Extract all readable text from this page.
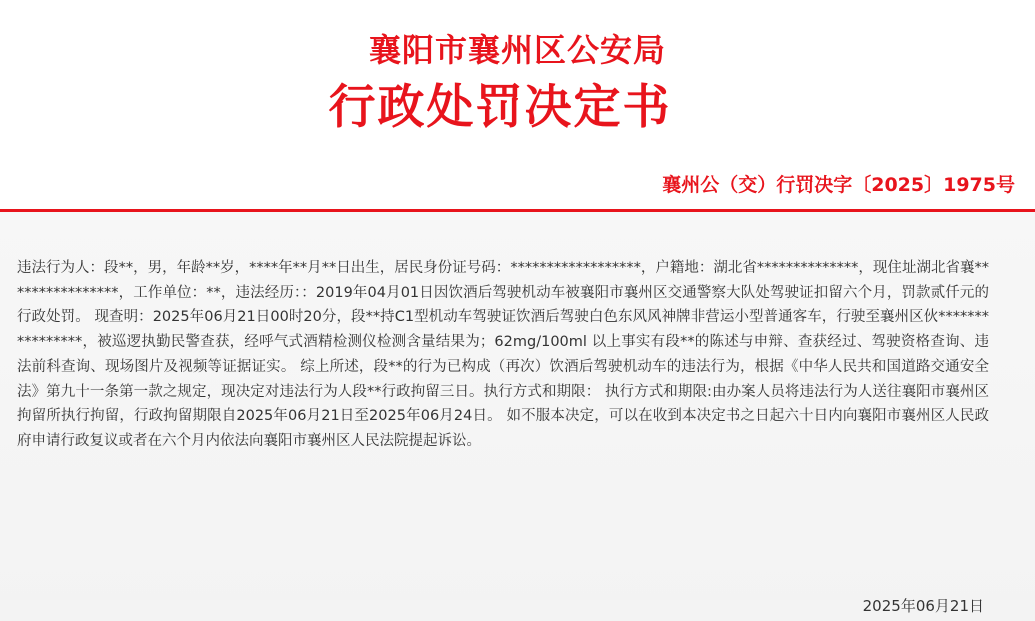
襄阳市襄州区公安局
行政处罚决定书
襄州公（交）行罚决字〔2025〕1975号
违法行为人：段**，男，年龄**岁，****年**月**日出生，居民身份证号码：******************，户籍地：湖北省**************，现住址湖北省襄****************，工作单位：**，违法经历：：2019年04月01日因饮酒后驾驶机动车被襄阳市襄州区交通警察大队处驾驶证扣留六个月，罚款贰仟元的行政处罚。 现查明：2025年06月21日00时20分，段**持C1型机动车驾驶证饮酒后驾驶白色东风风神牌非营运小型普通客车，行驶至襄州区伙****************，被巡逻执勤民警查获，经呼气式酒精检测仪检测含量结果为；62mg/100ml 以上事实有段**的陈述与申辩、查获经过、驾驶资格查询、违法前科查询、现场图片及视频等证据证实。 综上所述，段**的行为已构成（再次）饮酒后驾驶机动车的违法行为，根据《中华人民共和国道路交通安全法》第九十一条第一款之规定，现决定对违法行为人段**行政拘留三日。执行方式和期限： 执行方式和期限:由办案人员将违法行为人送往襄阳市襄州区拘留所执行拘留，行政拘留期限自2025年06月21日至2025年06月24日。 如不服本决定，可以在收到本决定书之日起六十日内向襄阳市襄州区人民政府申请行政复议或者在六个月内依法向襄阳市襄州区人民法院提起诉讼。
2025年06月21日
